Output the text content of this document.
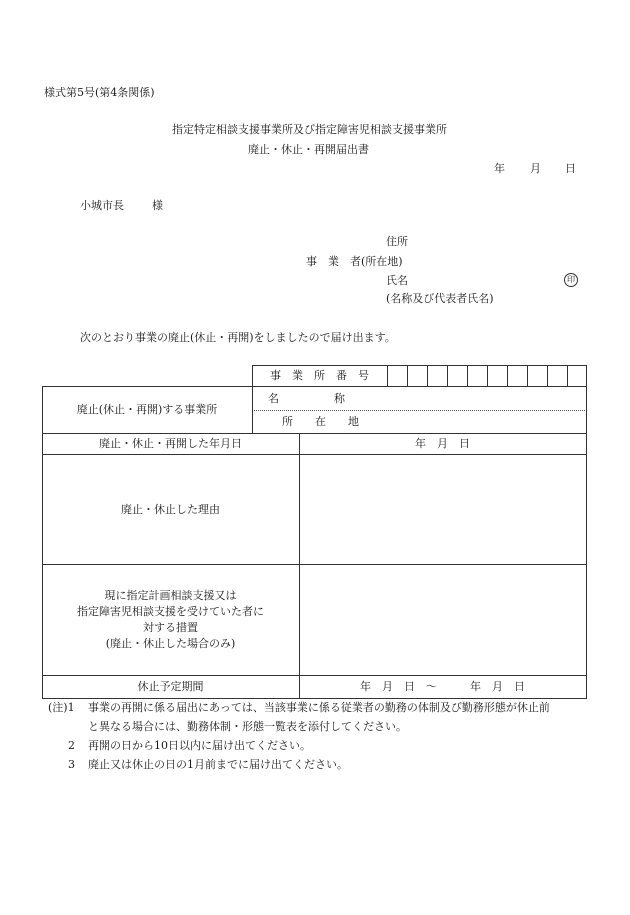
様式第5号(第4条関係)
指定特定相談支援事業所及び指定障害児相談支援事業所
廃止・休止・再開届出書
年 月 日
小城市長	様
住所
事　業　者(所在地)
氏名	印
(名称及び代表者氏名)
次のとおり事業の廃止(休止・再開)をしましたので届け出ます。
事　業　所　番　号
廃止(休止・再開)する事業所
名　　　　　称
所　　在　　地
廃止・休止・再開した年月日	年　月　日
廃止・休止した理由
現に指定計画相談支援又は
指定障害児相談支援を受けていた者に
対する措置
(廃止・休止した場合のみ)
休止予定期間	年　月　日　～　　　年　月　日
(注)1 事業の再開に係る届出にあっては、当該事業に係る従業者の勤務の体制及び勤務形態が休止前
と異なる場合には、勤務体制・形態一覧表を添付してください。
2 再開の日から10日以内に届け出てください。
3 廃止又は休止の日の1月前までに届け出てください。
